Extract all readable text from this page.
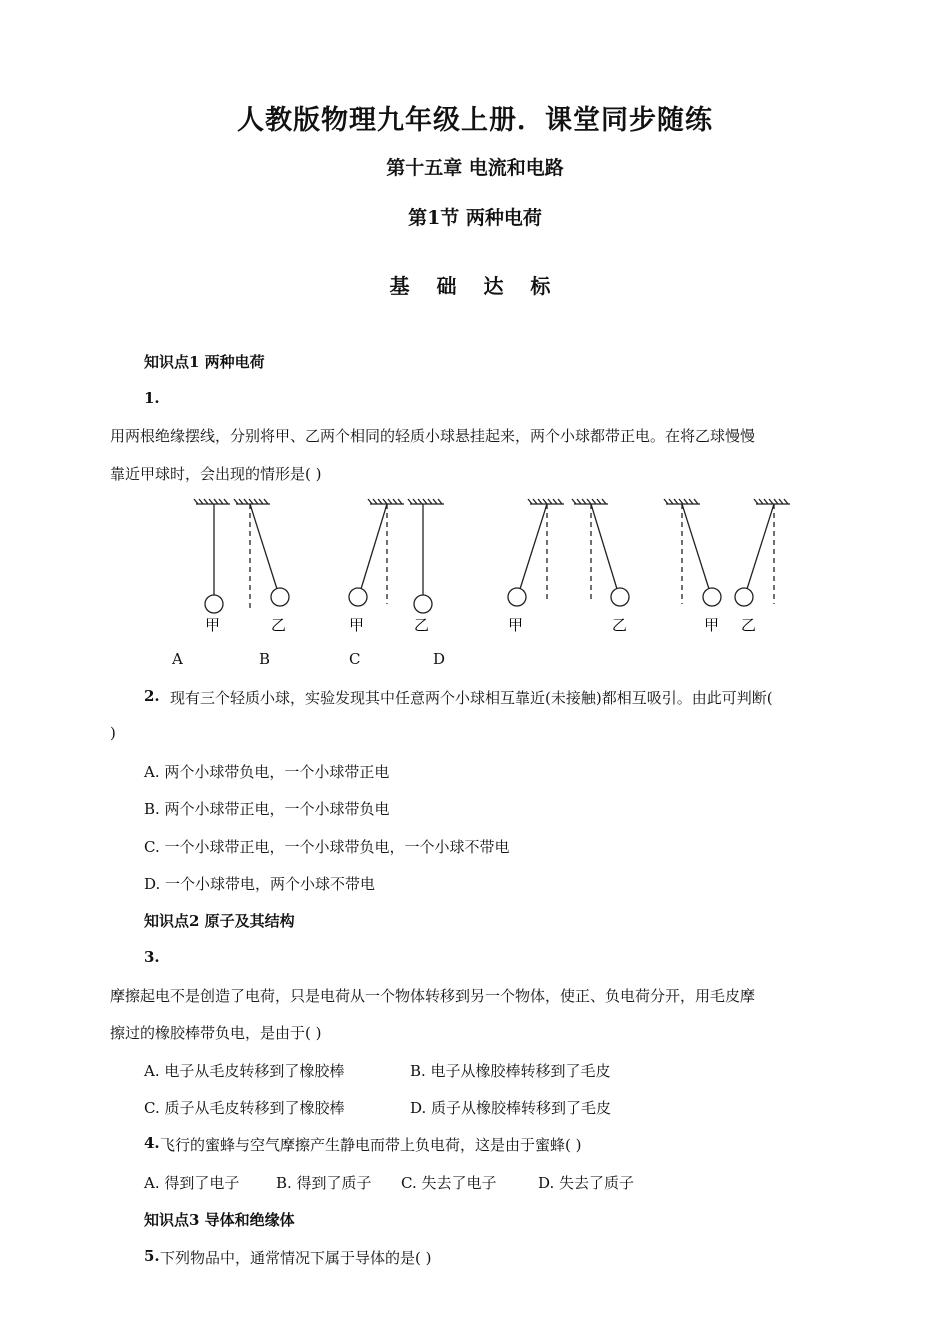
人教版物理九年级上册．课堂同步随练
第十五章 电流和电路
第1节 两种电荷
基 础 达 标
知识点1 两种电荷
1.
用两根绝缘摆线，分别将甲、乙两个相同的轻质小球悬挂起来，两个小球都带正电。在将乙球慢慢
靠近甲球时，会出现的情形是( )
甲	乙	甲	乙	甲	乙	甲 乙
A	B	C	D
2. 现有三个轻质小球，实验发现其中任意两个小球相互靠近(未接触)都相互吸引。由此可判断(
)
A. 两个小球带负电，一个小球带正电
B. 两个小球带正电，一个小球带负电
C. 一个小球带正电，一个小球带负电，一个小球不带电
D. 一个小球带电，两个小球不带电
知识点2 原子及其结构
3.
摩擦起电不是创造了电荷，只是电荷从一个物体转移到另一个物体，使正、负电荷分开，用毛皮摩
擦过的橡胶棒带负电，是由于( )
A. 电子从毛皮转移到了橡胶棒	B. 电子从橡胶棒转移到了毛皮
C. 质子从毛皮转移到了橡胶棒	D. 质子从橡胶棒转移到了毛皮
4. 飞行的蜜蜂与空气摩擦产生静电而带上负电荷，这是由于蜜蜂( )
A. 得到了电子 B. 得到了质子 C. 失去了电子	D. 失去了质子
知识点3 导体和绝缘体
5. 下列物品中，通常情况下属于导体的是( )
